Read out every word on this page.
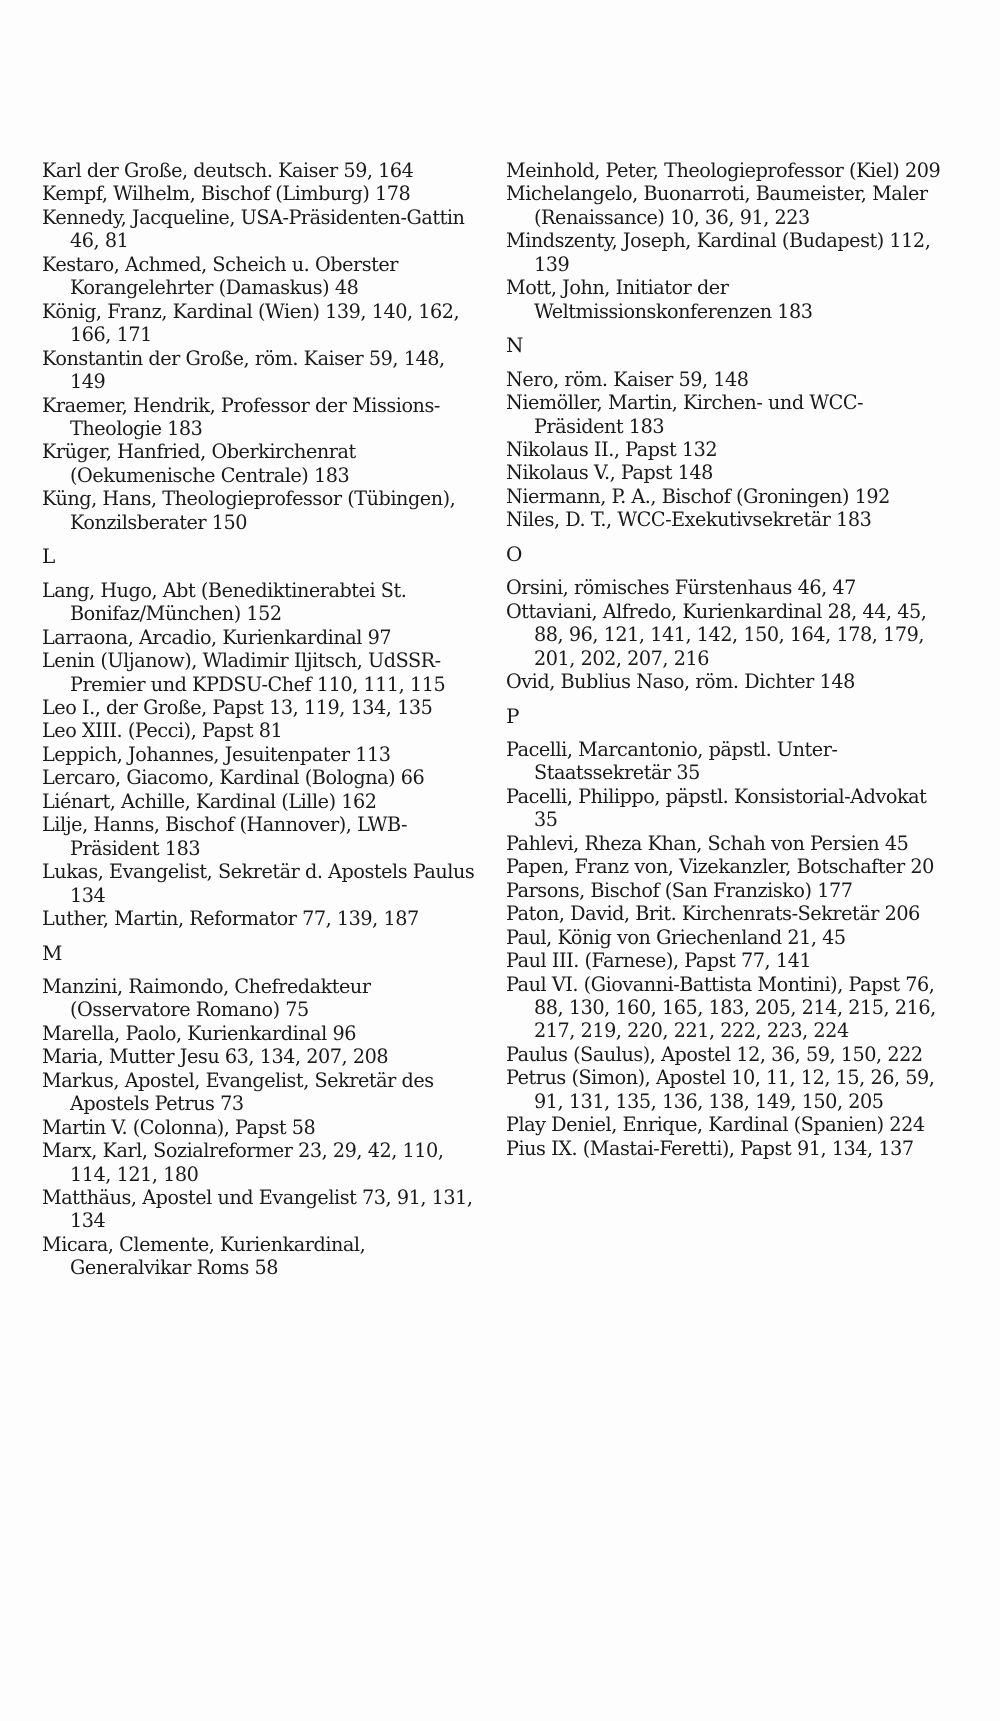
Karl der Große, deutsch. Kaiser 59, 164

Kempf, Wilhelm, Bischof (Limburg) 178

Kennedy, Jacqueline, USA-Präsidenten-Gattin 46, 81

Kestaro, Achmed, Scheich u. Oberster Korangelehrter (Damaskus) 48

König, Franz, Kardinal (Wien) 139, 140, 162, 166, 171

Konstantin der Große, röm. Kaiser 59, 148, 149

Kraemer, Hendrik, Professor der Missions-Theologie 183

Krüger, Hanfried, Oberkirchenrat (Oekumenische Centrale) 183

Küng, Hans, Theologieprofessor (Tübingen), Konzilsberater 150

L

Lang, Hugo, Abt (Benediktinerabtei St. Bonifaz/München) 152

Larraona, Arcadio, Kurienkardinal 97

Lenin (Uljanow), Wladimir Iljitsch, UdSSR-Premier und KPDSU-Chef 110, 111, 115

Leo I., der Große, Papst 13, 119, 134, 135

Leo XIII. (Pecci), Papst 81

Leppich, Johannes, Jesuitenpater 113

Lercaro, Giacomo, Kardinal (Bologna) 66

Liénart, Achille, Kardinal (Lille) 162

Lilje, Hanns, Bischof (Hannover), LWB-Präsident 183

Lukas, Evangelist, Sekretär d. Apostels Paulus 134

Luther, Martin, Reformator 77, 139, 187

M

Manzini, Raimondo, Chefredakteur (Osservatore Romano) 75

Marella, Paolo, Kurienkardinal 96

Maria, Mutter Jesu 63, 134, 207, 208

Markus, Apostel, Evangelist, Sekretär des Apostels Petrus 73

Martin V. (Colonna), Papst 58

Marx, Karl, Sozialreformer 23, 29, 42, 110, 114, 121, 180

Matthäus, Apostel und Evangelist 73, 91, 131, 134

Micara, Clemente, Kurienkardinal, Generalvikar Roms 58

Meinhold, Peter, Theologieprofessor (Kiel) 209

Michelangelo, Buonarroti, Baumeister, Maler (Renaissance) 10, 36, 91, 223

Mindszenty, Joseph, Kardinal (Budapest) 112, 139

Mott, John, Initiator der Weltmissionskonferenzen 183

N

Nero, röm. Kaiser 59, 148

Niemöller, Martin, Kirchen- und WCC-Präsident 183

Nikolaus II., Papst 132

Nikolaus V., Papst 148

Niermann, P. A., Bischof (Groningen) 192

Niles, D. T., WCC-Exekutivsekretär 183

O

Orsini, römisches Fürstenhaus 46, 47

Ottaviani, Alfredo, Kurienkardinal 28, 44, 45, 88, 96, 121, 141, 142, 150, 164, 178, 179, 201, 202, 207, 216

Ovid, Bublius Naso, röm. Dichter 148

P

Pacelli, Marcantonio, päpstl. Unter-Staatssekretär 35

Pacelli, Philippo, päpstl. Konsistorial-Advokat 35

Pahlevi, Rheza Khan, Schah von Persien 45

Papen, Franz von, Vizekanzler, Botschafter 20

Parsons, Bischof (San Franzisko) 177

Paton, David, Brit. Kirchenrats-Sekretär 206

Paul, König von Griechenland 21, 45

Paul III. (Farnese), Papst 77, 141

Paul VI. (Giovanni-Battista Montini), Papst 76, 88, 130, 160, 165, 183, 205, 214, 215, 216, 217, 219, 220, 221, 222, 223, 224

Paulus (Saulus), Apostel 12, 36, 59, 150, 222

Petrus (Simon), Apostel 10, 11, 12, 15, 26, 59, 91, 131, 135, 136, 138, 149, 150, 205

Play Deniel, Enrique, Kardinal (Spanien) 224

Pius IX. (Mastai-Feretti), Papst 91, 134, 137
